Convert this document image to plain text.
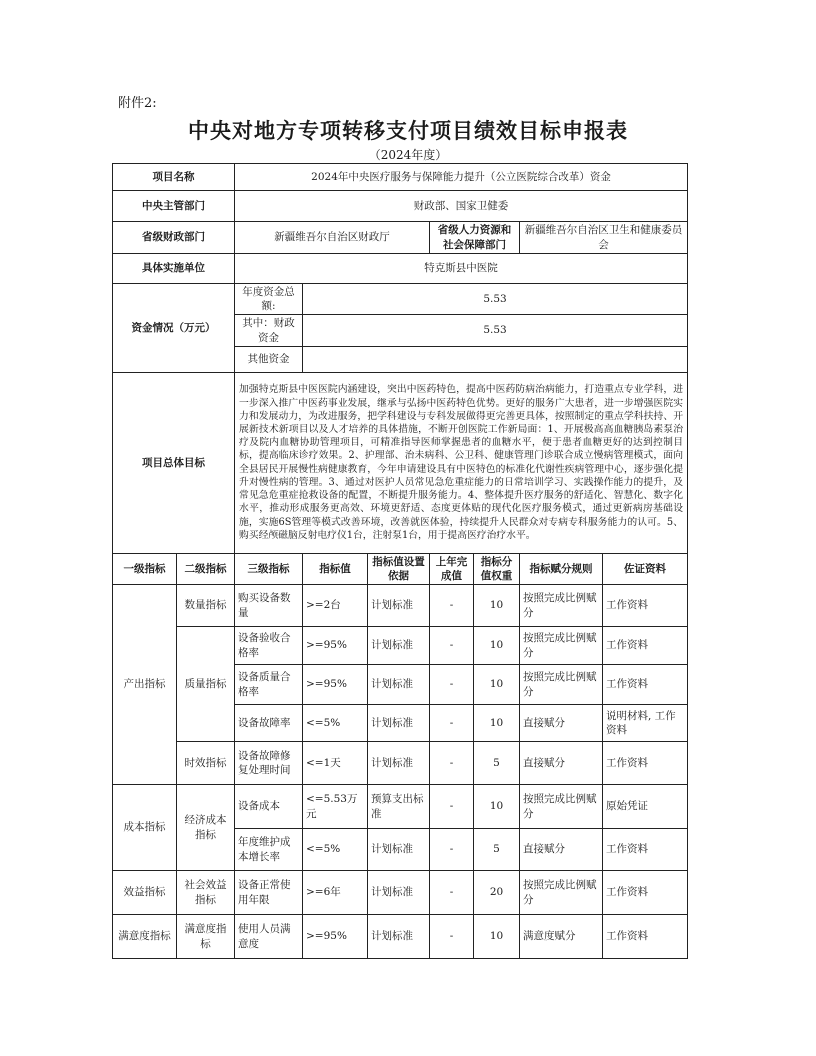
附件2:
中央对地方专项转移支付项目绩效目标申报表
（2024年度）
项目名称		2024年中央医疗服务与保障能力提升（公立医院综合改革）资金						
中央主管部门		财政部、国家卫健委						
省级财政部门		新疆维吾尔自治区财政厅			省级人力资源和社会保障部门		新疆维吾尔自治区卫生和健康委员会	
具体实施单位		特克斯县中医院						
资金情况（万元）		年度资金总额:	5.53					
		其中：财政资金	5.53					
		其他资金						
项目总体目标		加强特克斯县中医医院内涵建设，突出中医药特色，提高中医药防病治病能力，打造重点专业学科，进一步深入推广中医药事业发展，继承与弘扬中医药特色优势。更好的服务广大患者，进一步增强医院实力和发展动力，为改进服务，把学科建设与专科发展做得更完善更具体，按照制定的重点学科扶持、开展新技术新项目以及人才培养的具体措施，不断开创医院工作新局面：1、开展极高高血糖胰岛素泵治疗及院内血糖协助管理项目，可精准指导医师掌握患者的血糖水平，便于患者血糖更好的达到控制目标，提高临床诊疗效果。2、护理部、治未病科、公卫科、健康管理门诊联合成立慢病管理模式，面向全县居民开展慢性病健康教育，今年申请建设具有中医特色的标准化代谢性疾病管理中心，逐步强化提升对慢性病的管理。3、通过对医护人员常见急危重症能力的日常培训学习、实践操作能力的提升，及常见急危重症抢救设备的配置，不断提升服务能力。4、整体提升医疗服务的舒适化、智慧化、数字化水平，推动形成服务更高效、环境更舒适、态度更体贴的现代化医疗服务模式，通过更新病房基础设施，实施6S管理等模式改善环境，改善就医体验，持续提升人民群众对专病专科服务能力的认可。5、购买经颅磁脑反射电疗仪1台，注射泵1台，用于提高医疗治疗水平。						
一级指标	二级指标	三级指标	指标值	指标值设置依据	上年完成值	指标分值权重	指标赋分规则	佐证资料
产出指标	数量指标	购买设备数量	>=2台	计划标准	-	10	按照完成比例赋分	工作资料
	质量指标	设备验收合格率	>=95%	计划标准	-	10	按照完成比例赋分	工作资料
		设备质量合格率	>=95%	计划标准	-	10	按照完成比例赋分	工作资料
		设备故障率	<=5%	计划标准	-	10	直接赋分	说明材料, 工作资料
	时效指标	设备故障修复处理时间	<=1天	计划标准	-	5	直接赋分	工作资料
成本指标	经济成本指标	设备成本	<=5.53万元	预算支出标准	-	10	按照完成比例赋分	原始凭证
		年度维护成本增长率	<=5%	计划标准	-	5	直接赋分	工作资料
效益指标	社会效益指标	设备正常使用年限	>=6年	计划标准	-	20	按照完成比例赋分	工作资料
满意度指标	满意度指标	使用人员满意度	>=95%	计划标准	-	10	满意度赋分	工作资料
